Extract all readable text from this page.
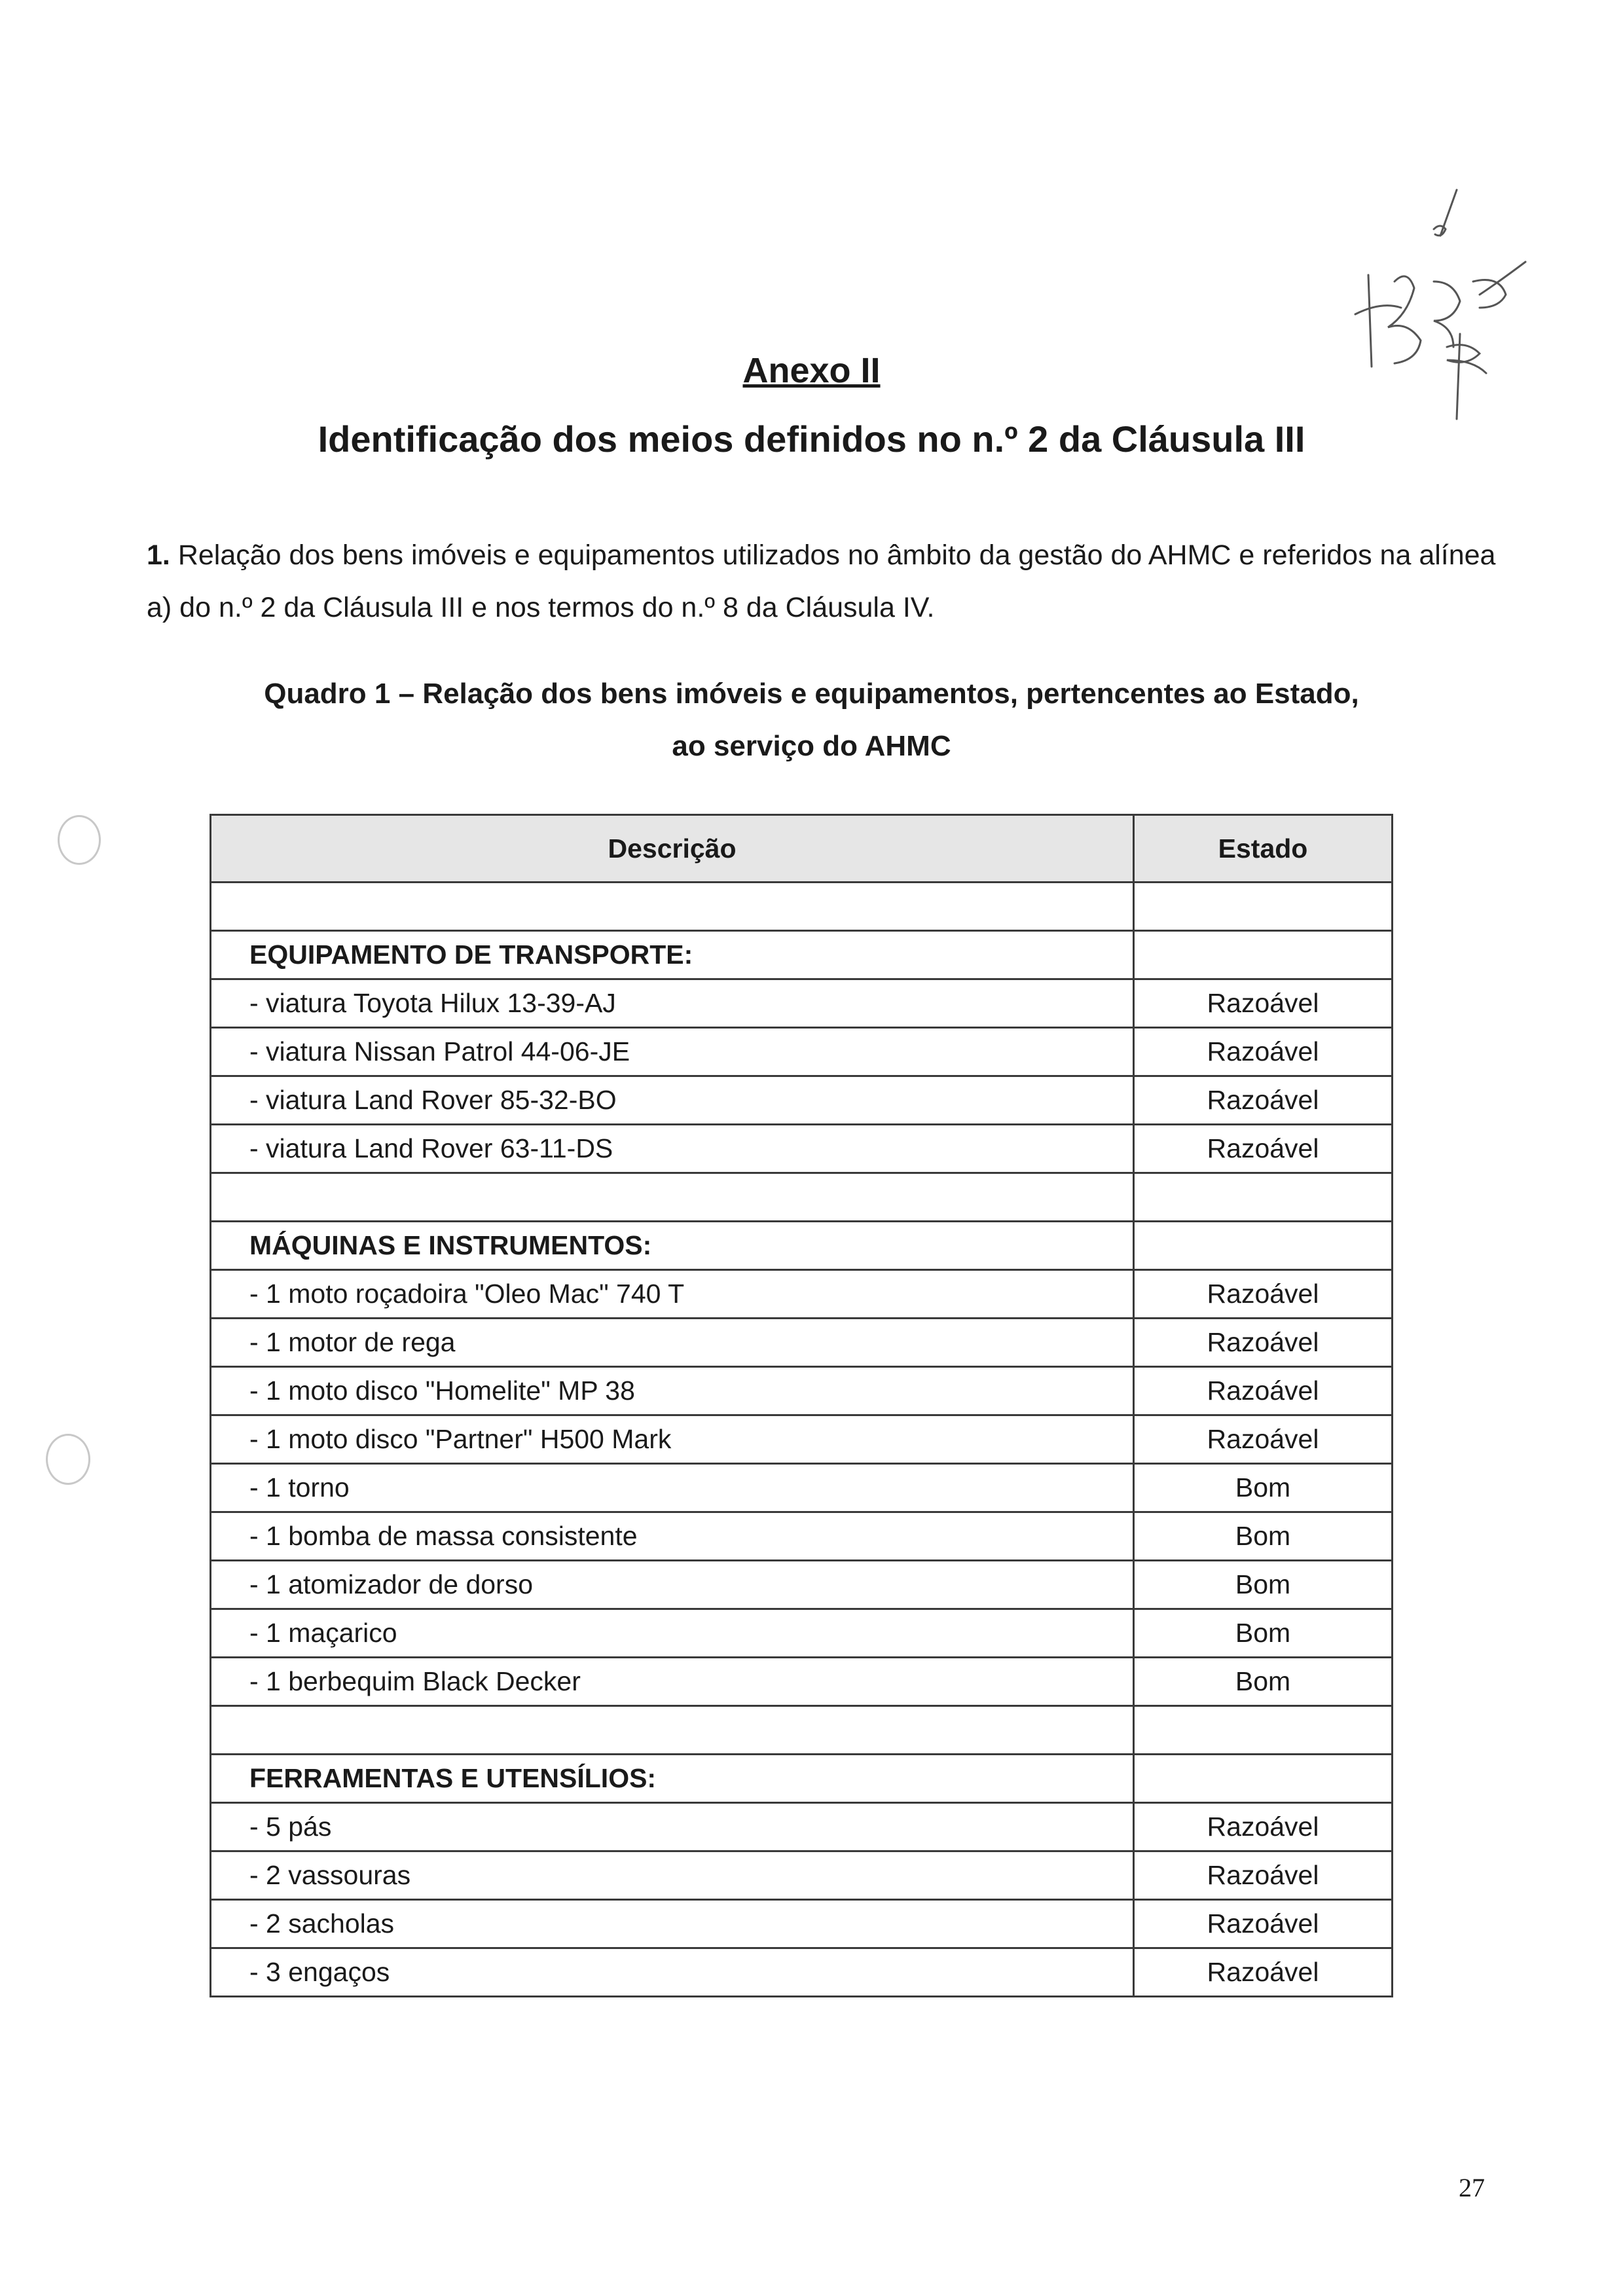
Anexo II
Identificação dos meios definidos no n.º 2 da Cláusula III
1. Relação dos bens imóveis e equipamentos utilizados no âmbito da gestão do AHMC e referidos na alínea a) do n.º 2 da Cláusula III e nos termos do n.º 8 da Cláusula IV.
Quadro 1 – Relação dos bens imóveis e equipamentos, pertencentes ao Estado,
ao serviço do AHMC
Descrição	Estado

EQUIPAMENTO DE TRANSPORTE:	
- viatura Toyota Hilux 13-39-AJ	Razoável
- viatura Nissan Patrol 44-06-JE	Razoável
- viatura Land Rover 85-32-BO	Razoável
- viatura Land Rover 63-11-DS	Razoável

MÁQUINAS E INSTRUMENTOS:	
- 1 moto roçadoira "Oleo Mac" 740 T	Razoável
- 1 motor de rega	Razoável
- 1 moto disco "Homelite" MP 38	Razoável
- 1 moto disco "Partner" H500 Mark	Razoável
- 1 torno	Bom
- 1 bomba de massa consistente	Bom
- 1 atomizador de dorso	Bom
- 1 maçarico	Bom
- 1 berbequim Black Decker	Bom

FERRAMENTAS E UTENSÍLIOS:	
- 5 pás	Razoável
- 2 vassouras	Razoável
- 2 sacholas	Razoável
- 3 engaços	Razoável
27
